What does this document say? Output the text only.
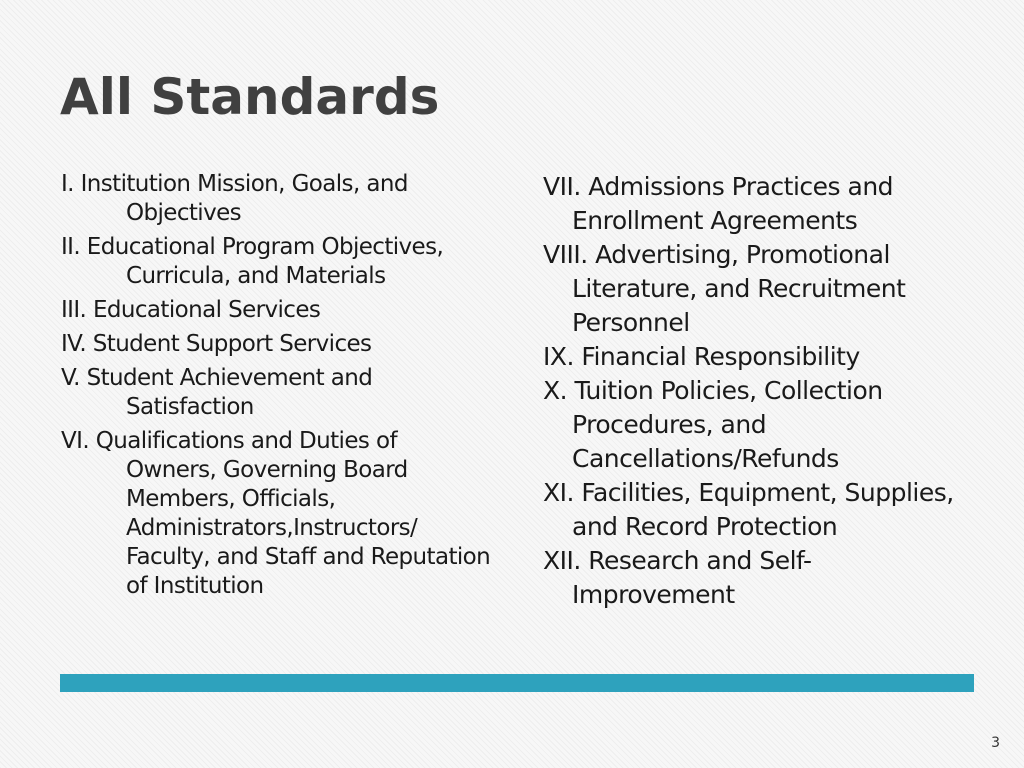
All Standards
I. Institution Mission, Goals, and Objectives
II. Educational Program Objectives, Curricula, and Materials
III. Educational Services
IV. Student Support Services
V. Student Achievement and Satisfaction
VI. Qualifications and Duties of Owners, Governing Board Members, Officials, Administrators,Instructors/ Faculty, and Staff and Reputation of Institution
VII. Admissions Practices and Enrollment Agreements
VIII. Advertising, Promotional Literature, and Recruitment Personnel
IX. Financial Responsibility
X. Tuition Policies, Collection Procedures, and Cancellations/Refunds
XI. Facilities, Equipment, Supplies, and Record Protection
XII. Research and Self-Improvement
3
